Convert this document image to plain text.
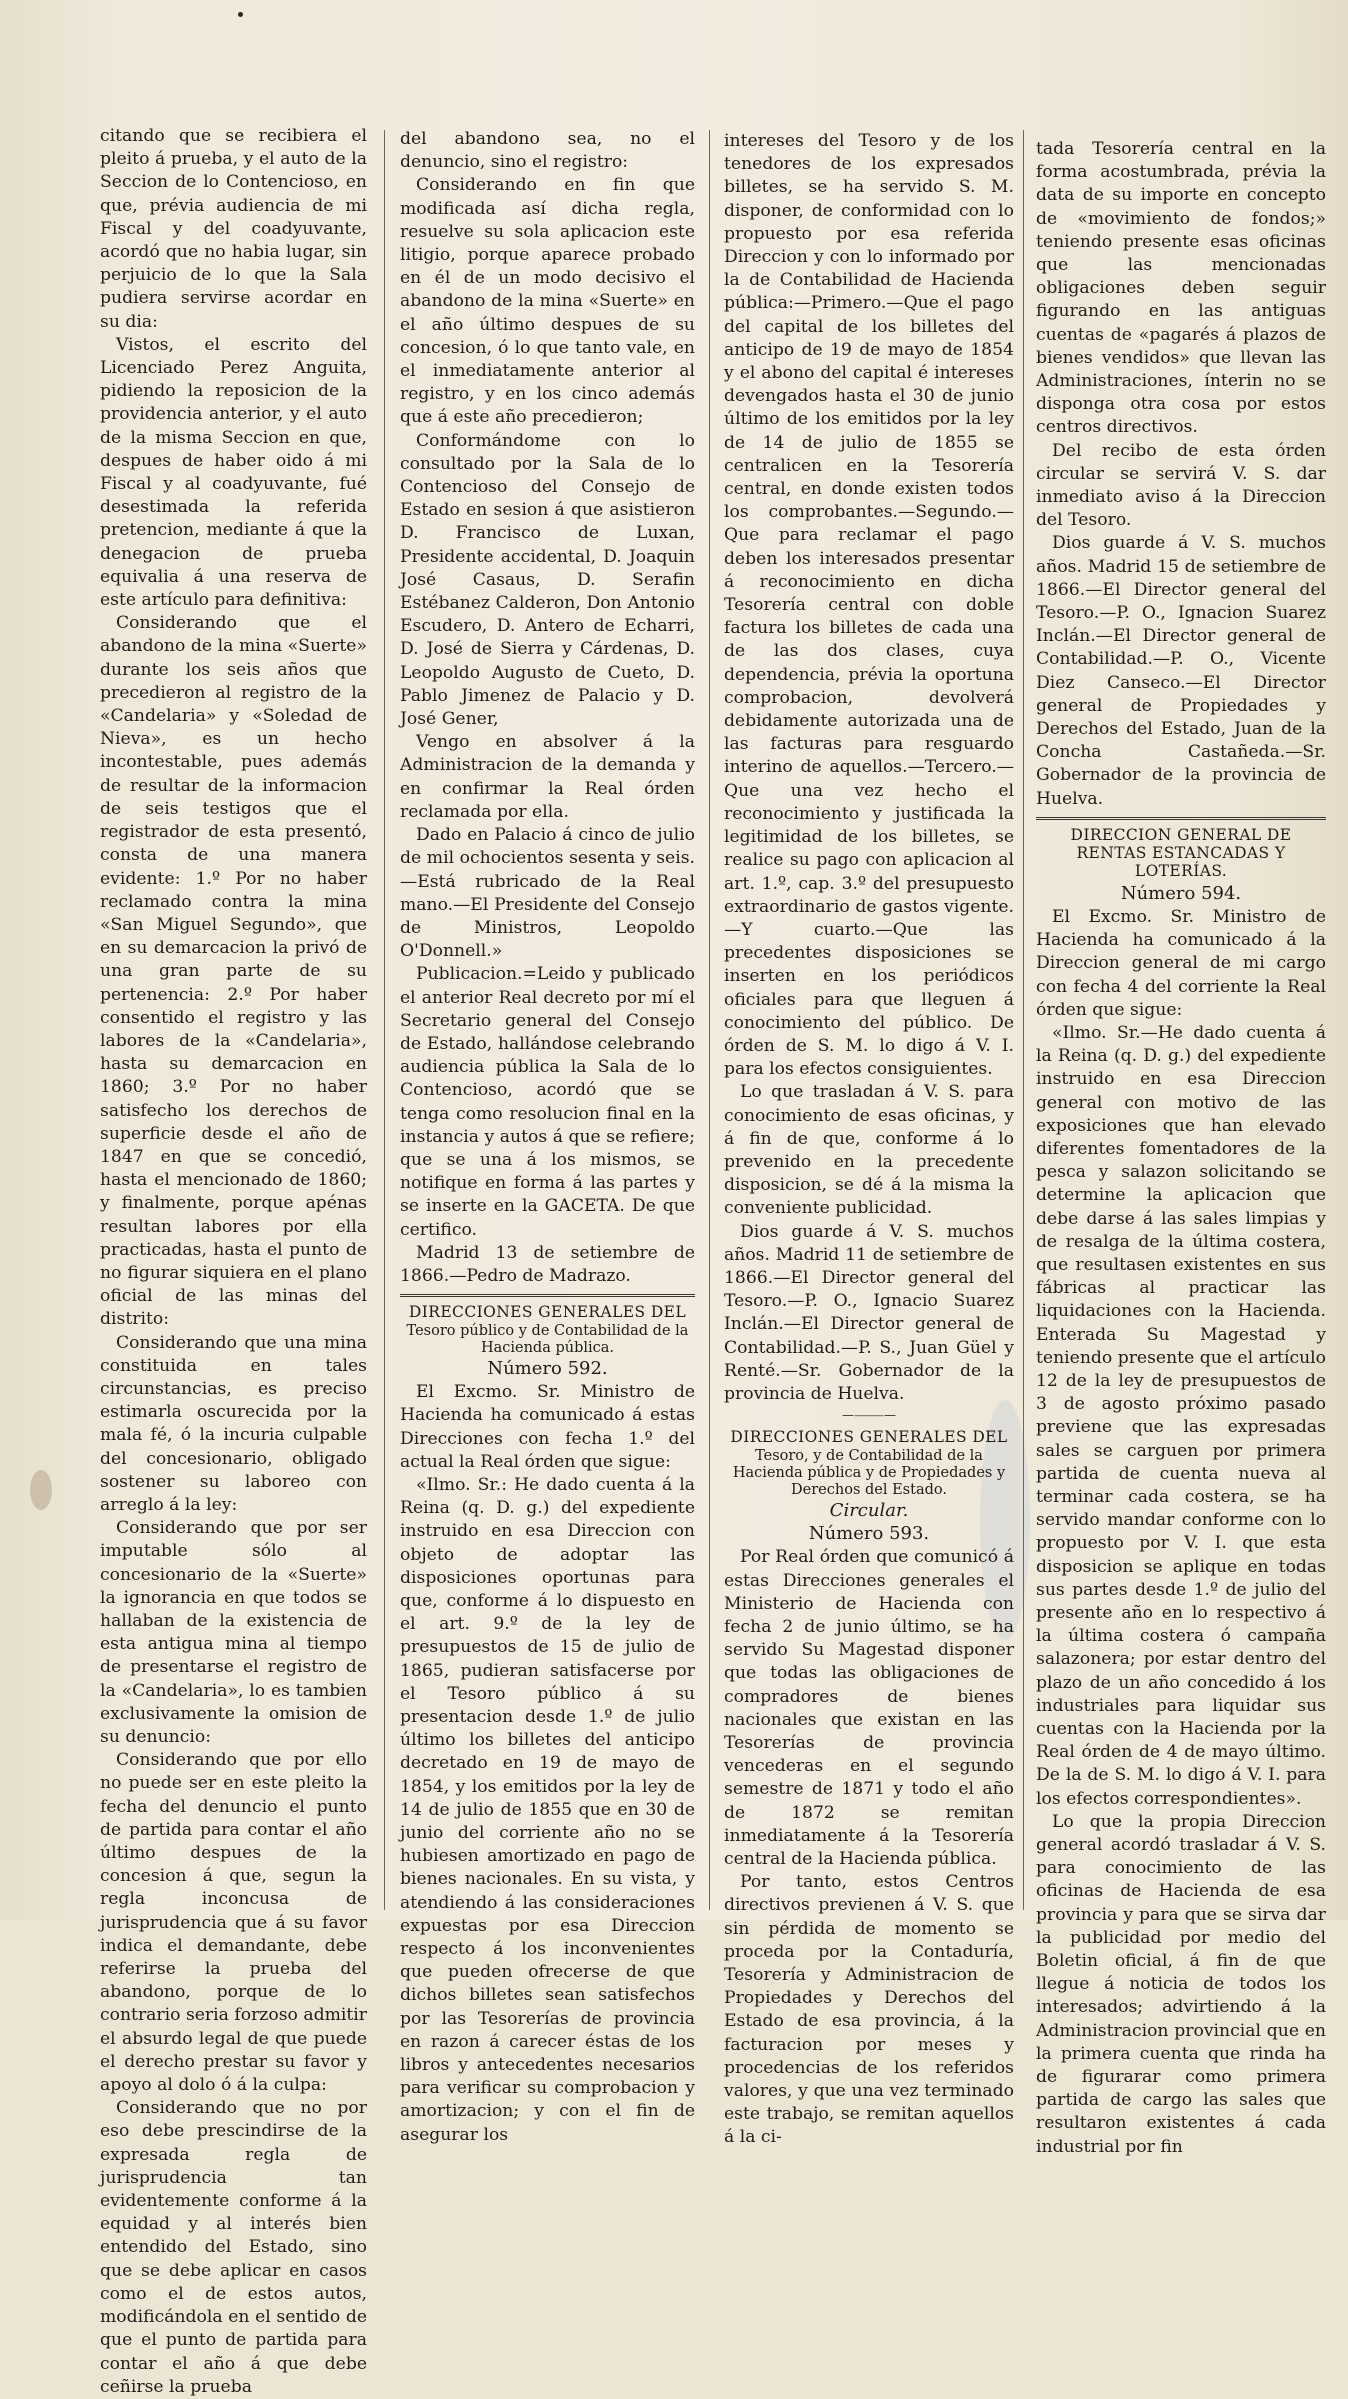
citando que se recibiera el pleito á prueba, y el auto de la Seccion de lo Contencioso, en que, prévia audiencia de mi Fiscal y del coadyuvante, acordó que no habia lugar, sin perjuicio de lo que la Sala pudiera servirse acordar en su dia:

Vistos, el escrito del Licenciado Perez Anguita, pidiendo la reposicion de la providencia anterior, y el auto de la misma Seccion en que, despues de haber oido á mi Fiscal y al coadyuvante, fué desestimada la referida pretencion, mediante á que la denegacion de prueba equivalia á una reserva de este artículo para definitiva:

Considerando que el abandono de la mina «Suerte» durante los seis años que precedieron al registro de la «Candelaria» y «Soledad de Nieva», es un hecho incontestable, pues además de resultar de la informacion de seis testigos que el registrador de esta presentó, consta de una manera evidente: 1.º Por no haber reclamado contra la mina «San Miguel Segundo», que en su demarcacion la privó de una gran parte de su pertenencia: 2.º Por haber consentido el registro y las labores de la «Candelaria», hasta su demarcacion en 1860; 3.º Por no haber satisfecho los derechos de superficie desde el año de 1847 en que se concedió, hasta el mencionado de 1860; y finalmente, porque apénas resultan labores por ella practicadas, hasta el punto de no figurar siquiera en el plano oficial de las minas del distrito:

Considerando que una mina constituida en tales circunstancias, es preciso estimarla oscurecida por la mala fé, ó la incuria culpable del concesionario, obligado sostener su laboreo con arreglo á la ley:

Considerando que por ser imputable sólo al concesionario de la «Suerte» la ignorancia en que todos se hallaban de la existencia de esta antigua mina al tiempo de presentarse el registro de la «Candelaria», lo es tambien exclusivamente la omision de su denuncio:

Considerando que por ello no puede ser en este pleito la fecha del denuncio el punto de partida para contar el año último despues de la concesion á que, segun la regla inconcusa de jurisprudencia que á su favor indica el demandante, debe referirse la prueba del abandono, porque de lo contrario seria forzoso admitir el absurdo legal de que puede el derecho prestar su favor y apoyo al dolo ó á la culpa:

Considerando que no por eso debe prescindirse de la expresada regla de jurisprudencia tan evidentemente conforme á la equidad y al interés bien entendido del Estado, sino que se debe aplicar en casos como el de estos autos, modificándola en el sentido de que el punto de partida para contar el año á que debe ceñirse la prueba

del abandono sea, no el denuncio, sino el registro:

Considerando en fin que modificada así dicha regla, resuelve su sola aplicacion este litigio, porque aparece probado en él de un modo decisivo el abandono de la mina «Suerte» en el año último despues de su concesion, ó lo que tanto vale, en el inmediatamente anterior al registro, y en los cinco además que á este año precedieron;

Conformándome con lo consultado por la Sala de lo Contencioso del Consejo de Estado en sesion á que asistieron D. Francisco de Luxan, Presidente accidental, D. Joaquin José Casaus, D. Serafin Estébanez Calderon, Don Antonio Escudero, D. Antero de Echarri, D. José de Sierra y Cárdenas, D. Leopoldo Augusto de Cueto, D. Pablo Jimenez de Palacio y D. José Gener,

Vengo en absolver á la Administracion de la demanda y en confirmar la Real órden reclamada por ella.

Dado en Palacio á cinco de julio de mil ochocientos sesenta y seis.—Está rubricado de la Real mano.—El Presidente del Consejo de Ministros, Leopoldo O'Donnell.»

Publicacion.=Leido y publicado el anterior Real decreto por mí el Secretario general del Consejo de Estado, hallándose celebrando audiencia pública la Sala de lo Contencioso, acordó que se tenga como resolucion final en la instancia y autos á que se refiere; que se una á los mismos, se notifique en forma á las partes y se inserte en la GACETA. De que certifico.

Madrid 13 de setiembre de 1866.—Pedro de Madrazo.

DIRECCIONES GENERALES DEL
Tesoro público y de Contabilidad de la Hacienda pública.
Número 592.

El Excmo. Sr. Ministro de Hacienda ha comunicado á estas Direcciones con fecha 1.º del actual la Real órden que sigue:

«Ilmo. Sr.: He dado cuenta á la Reina (q. D. g.) del expediente instruido en esa Direccion con objeto de adoptar las disposiciones oportunas para que, conforme á lo dispuesto en el art. 9.º de la ley de presupuestos de 15 de julio de 1865, pudieran satisfacerse por el Tesoro público á su presentacion desde 1.º de julio último los billetes del anticipo decretado en 19 de mayo de 1854, y los emitidos por la ley de 14 de julio de 1855 que en 30 de junio del corriente año no se hubiesen amortizado en pago de bienes nacionales. En su vista, y atendiendo á las consideraciones expuestas por esa Direccion respecto á los inconvenientes que pueden ofrecerse de que dichos billetes sean satisfechos por las Tesorerías de provincia en razon á carecer éstas de los libros y antecedentes necesarios para verificar su comprobacion y amortizacion; y con el fin de asegurar los

intereses del Tesoro y de los tenedores de los expresados billetes, se ha servido S. M. disponer, de conformidad con lo propuesto por esa referida Direccion y con lo informado por la de Contabilidad de Hacienda pública:—Primero.—Que el pago del capital de los billetes del anticipo de 19 de mayo de 1854 y el abono del capital é intereses devengados hasta el 30 de junio último de los emitidos por la ley de 14 de julio de 1855 se centralicen en la Tesorería central, en donde existen todos los comprobantes.—Segundo.—Que para reclamar el pago deben los interesados presentar á reconocimiento en dicha Tesorería central con doble factura los billetes de cada una de las dos clases, cuya dependencia, prévia la oportuna comprobacion, devolverá debidamente autorizada una de las facturas para resguardo interino de aquellos.—Tercero.—Que una vez hecho el reconocimiento y justificada la legitimidad de los billetes, se realice su pago con aplicacion al art. 1.º, cap. 3.º del presupuesto extraordinario de gastos vigente.—Y cuarto.—Que las precedentes disposiciones se inserten en los periódicos oficiales para que lleguen á conocimiento del público. De órden de S. M. lo digo á V. I. para los efectos consiguientes.

Lo que trasladan á V. S. para conocimiento de esas oficinas, y á fin de que, conforme á lo prevenido en la precedente disposicion, se dé á la misma la conveniente publicidad.

Dios guarde á V. S. muchos años. Madrid 11 de setiembre de 1866.—El Director general del Tesoro.—P. O., Ignacio Suarez Inclán.—El Director general de Contabilidad.—P. S., Juan Güel y Renté.—Sr. Gobernador de la provincia de Huelva.

—⸻—
DIRECCIONES GENERALES DEL
Tesoro, y de Contabilidad de la Hacienda pública y de Propiedades y Derechos del Estado.
Circular.
Número 593.

Por Real órden que comunicó á estas Direcciones generales el Ministerio de Hacienda con fecha 2 de junio último, se ha servido Su Magestad disponer que todas las obligaciones de compradores de bienes nacionales que existan en las Tesorerías de provincia vencederas en el segundo semestre de 1871 y todo el año de 1872 se remitan inmediatamente á la Tesorería central de la Hacienda pública.

Por tanto, estos Centros directivos previenen á V. S. que sin pérdida de momento se proceda por la Contaduría, Tesorería y Administracion de Propiedades y Derechos del Estado de esa provincia, á la facturacion por meses y procedencias de los referidos valores, y que una vez terminado este trabajo, se remitan aquellos á la ci-

tada Tesorería central en la forma acostumbrada, prévia la data de su importe en concepto de «movimiento de fondos;» teniendo presente esas oficinas que las mencionadas obligaciones deben seguir figurando en las antiguas cuentas de «pagarés á plazos de bienes vendidos» que llevan las Administraciones, ínterin no se disponga otra cosa por estos centros directivos.

Del recibo de esta órden circular se servirá V. S. dar inmediato aviso á la Direccion del Tesoro.

Dios guarde á V. S. muchos años. Madrid 15 de setiembre de 1866.—El Director general del Tesoro.—P. O., Ignacion Suarez Inclán.—El Director general de Contabilidad.—P. O., Vicente Diez Canseco.—El Director general de Propiedades y Derechos del Estado, Juan de la Concha Castañeda.—Sr. Gobernador de la provincia de Huelva.

DIRECCION GENERAL DE RENTAS ESTANCADAS Y LOTERÍAS.
Número 594.

El Excmo. Sr. Ministro de Hacienda ha comunicado á la Direccion general de mi cargo con fecha 4 del corriente la Real órden que sigue:

«Ilmo. Sr.—He dado cuenta á la Reina (q. D. g.) del expediente instruido en esa Direccion general con motivo de las exposiciones que han elevado diferentes fomentadores de la pesca y salazon solicitando se determine la aplicacion que debe darse á las sales limpias y de resalga de la última costera, que resultasen existentes en sus fábricas al practicar las liquidaciones con la Hacienda. Enterada Su Magestad y teniendo presente que el artículo 12 de la ley de presupuestos de 3 de agosto próximo pasado previene que las expresadas sales se carguen por primera partida de cuenta nueva al terminar cada costera, se ha servido mandar conforme con lo propuesto por V. I. que esta disposicion se aplique en todas sus partes desde 1.º de julio del presente año en lo respectivo á la última costera ó campaña salazonera; por estar dentro del plazo de un año concedido á los industriales para liquidar sus cuentas con la Hacienda por la Real órden de 4 de mayo último. De la de S. M. lo digo á V. I. para los efectos correspondientes».

Lo que la propia Direccion general acordó trasladar á V. S. para conocimiento de las oficinas de Hacienda de esa provincia y para que se sirva dar la publicidad por medio del Boletin oficial, á fin de que llegue á noticia de todos los interesados; advirtiendo á la Administracion provincial que en la primera cuenta que rinda ha de figurarar como primera partida de cargo las sales que resultaron existentes á cada industrial por fin
